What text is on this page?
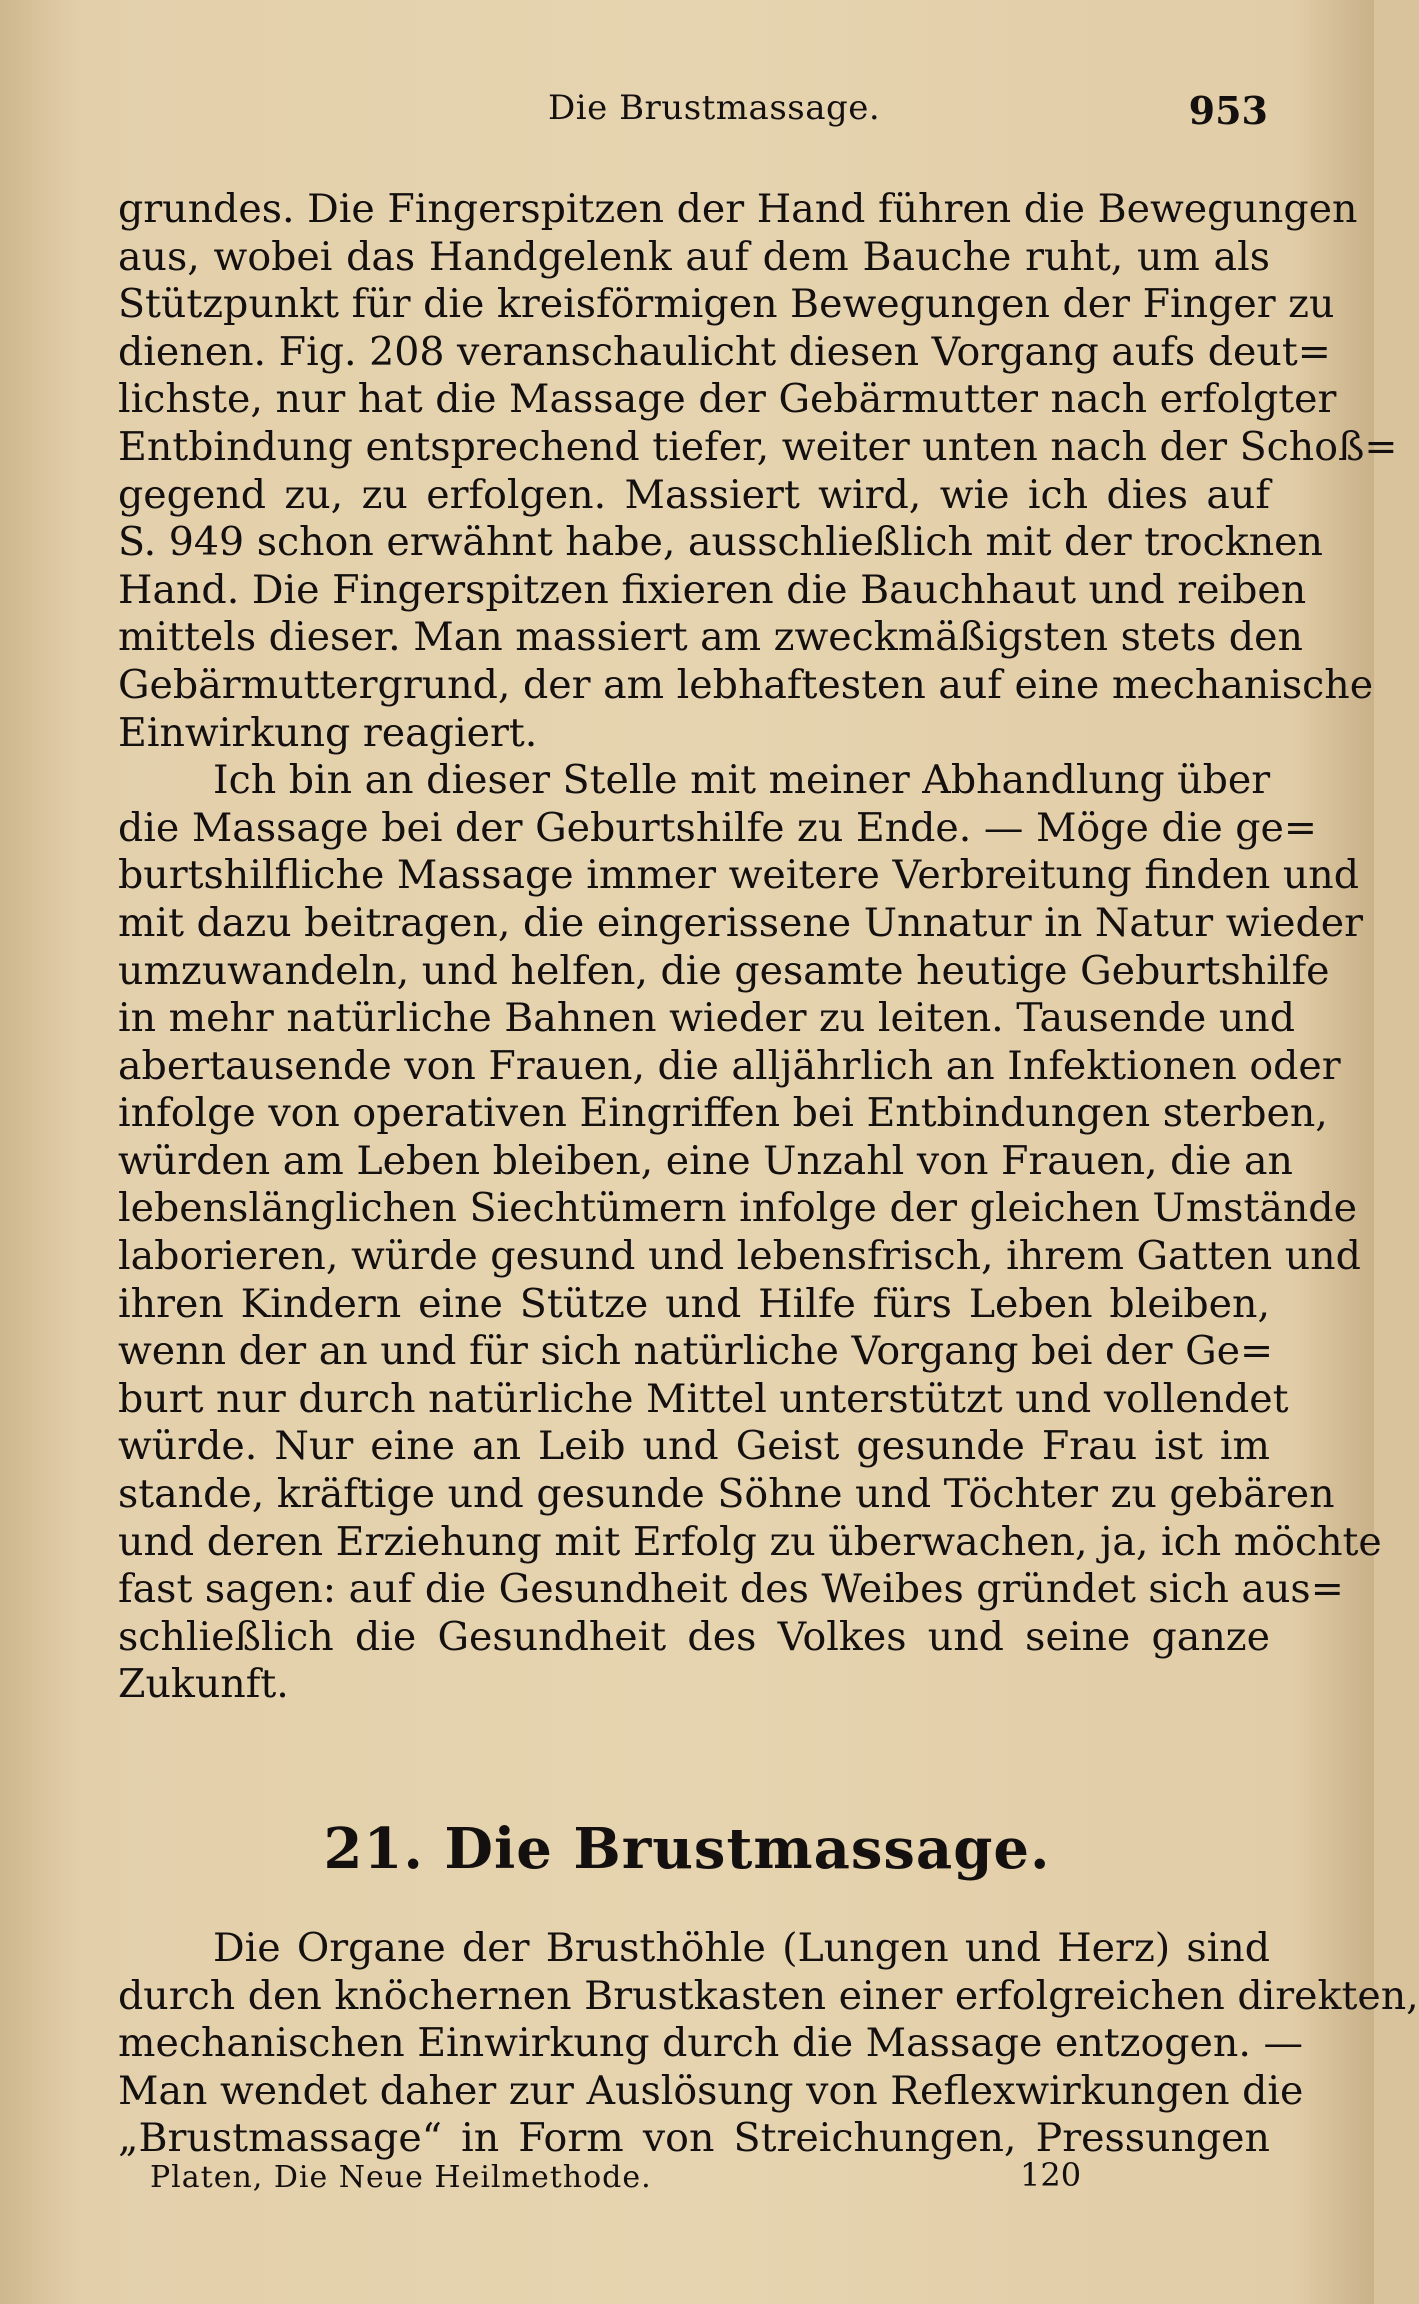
Die Brustmassage.	953
grundes. Die Fingerspitzen der Hand führen die Bewegungen
aus, wobei das Handgelenk auf dem Bauche ruht, um als
Stützpunkt für die kreisförmigen Bewegungen der Finger zu
dienen. Fig. 208 veranschaulicht diesen Vorgang aufs deut=
lichste, nur hat die Massage der Gebärmutter nach erfolgter
Entbindung entsprechend tiefer, weiter unten nach der Schoß=
gegend zu, zu erfolgen. Massiert wird, wie ich dies auf
S. 949 schon erwähnt habe, ausschließlich mit der trocknen
Hand. Die Fingerspitzen fixieren die Bauchhaut und reiben
mittels dieser. Man massiert am zweckmäßigsten stets den
Gebärmuttergrund, der am lebhaftesten auf eine mechanische
Einwirkung reagiert.
Ich bin an dieser Stelle mit meiner Abhandlung über
die Massage bei der Geburtshilfe zu Ende. — Möge die ge=
burtshilfliche Massage immer weitere Verbreitung finden und
mit dazu beitragen, die eingerissene Unnatur in Natur wieder
umzuwandeln, und helfen, die gesamte heutige Geburtshilfe
in mehr natürliche Bahnen wieder zu leiten. Tausende und
abertausende von Frauen, die alljährlich an Infektionen oder
infolge von operativen Eingriffen bei Entbindungen sterben,
würden am Leben bleiben, eine Unzahl von Frauen, die an
lebenslänglichen Siechtümern infolge der gleichen Umstände
laborieren, würde gesund und lebensfrisch, ihrem Gatten und
ihren Kindern eine Stütze und Hilfe fürs Leben bleiben,
wenn der an und für sich natürliche Vorgang bei der Ge=
burt nur durch natürliche Mittel unterstützt und vollendet
würde. Nur eine an Leib und Geist gesunde Frau ist im
stande, kräftige und gesunde Söhne und Töchter zu gebären
und deren Erziehung mit Erfolg zu überwachen, ja, ich möchte
fast sagen: auf die Gesundheit des Weibes gründet sich aus=
schließlich die Gesundheit des Volkes und seine ganze
Zukunft.
21. Die Brustmassage.
Die Organe der Brusthöhle (Lungen und Herz) sind
durch den knöchernen Brustkasten einer erfolgreichen direkten,
mechanischen Einwirkung durch die Massage entzogen. —
Man wendet daher zur Auslösung von Reflexwirkungen die
„Brustmassage“ in Form von Streichungen, Pressungen
Platen, Die Neue Heilmethode.	120
